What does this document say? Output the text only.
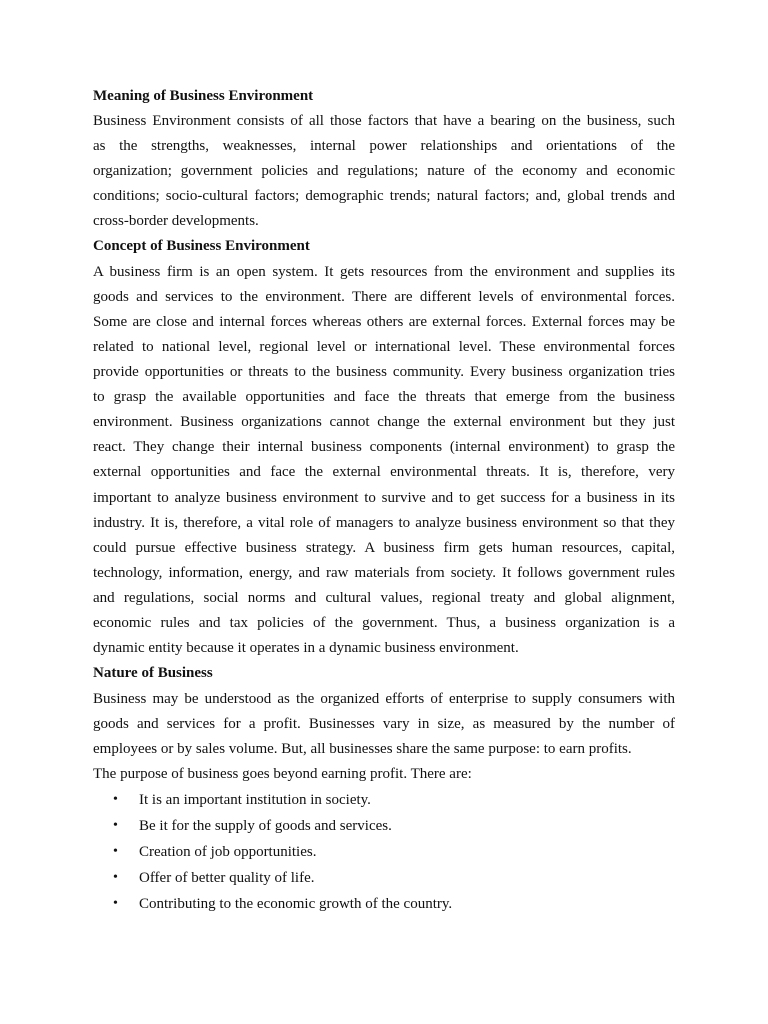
Meaning of Business Environment
Business Environment consists of all those factors that have a bearing on the business, such
as the strengths, weaknesses, internal power relationships and orientations of the
organization; government policies and regulations; nature of the economy and economic
conditions; socio-cultural factors; demographic trends; natural factors; and, global trends and
cross-border developments.
Concept of Business Environment
A business firm is an open system. It gets resources from the environment and supplies its
goods and services to the environment. There are different levels of environmental forces.
Some are close and internal forces whereas others are external forces. External forces may be
related to national level, regional level or international level. These environmental forces
provide opportunities or threats to the business community. Every business organization tries
to grasp the available opportunities and face the threats that emerge from the business
environment. Business organizations cannot change the external environment but they just
react. They change their internal business components (internal environment) to grasp the
external opportunities and face the external environmental threats. It is, therefore, very
important to analyze business environment to survive and to get success for a business in its
industry. It is, therefore, a vital role of managers to analyze business environment so that they
could pursue effective business strategy. A business firm gets human resources, capital,
technology, information, energy, and raw materials from society. It follows government rules
and regulations, social norms and cultural values, regional treaty and global alignment,
economic rules and tax policies of the government. Thus, a business organization is a
dynamic entity because it operates in a dynamic business environment.
Nature of Business
Business may be understood as the organized efforts of enterprise to supply consumers with
goods and services for a profit. Businesses vary in size, as measured by the number of
employees or by sales volume. But, all businesses share the same purpose: to earn profits.
The purpose of business goes beyond earning profit. There are:
•	It is an important institution in society.
•	Be it for the supply of goods and services.
•	Creation of job opportunities.
•	Offer of better quality of life.
•	Contributing to the economic growth of the country.
